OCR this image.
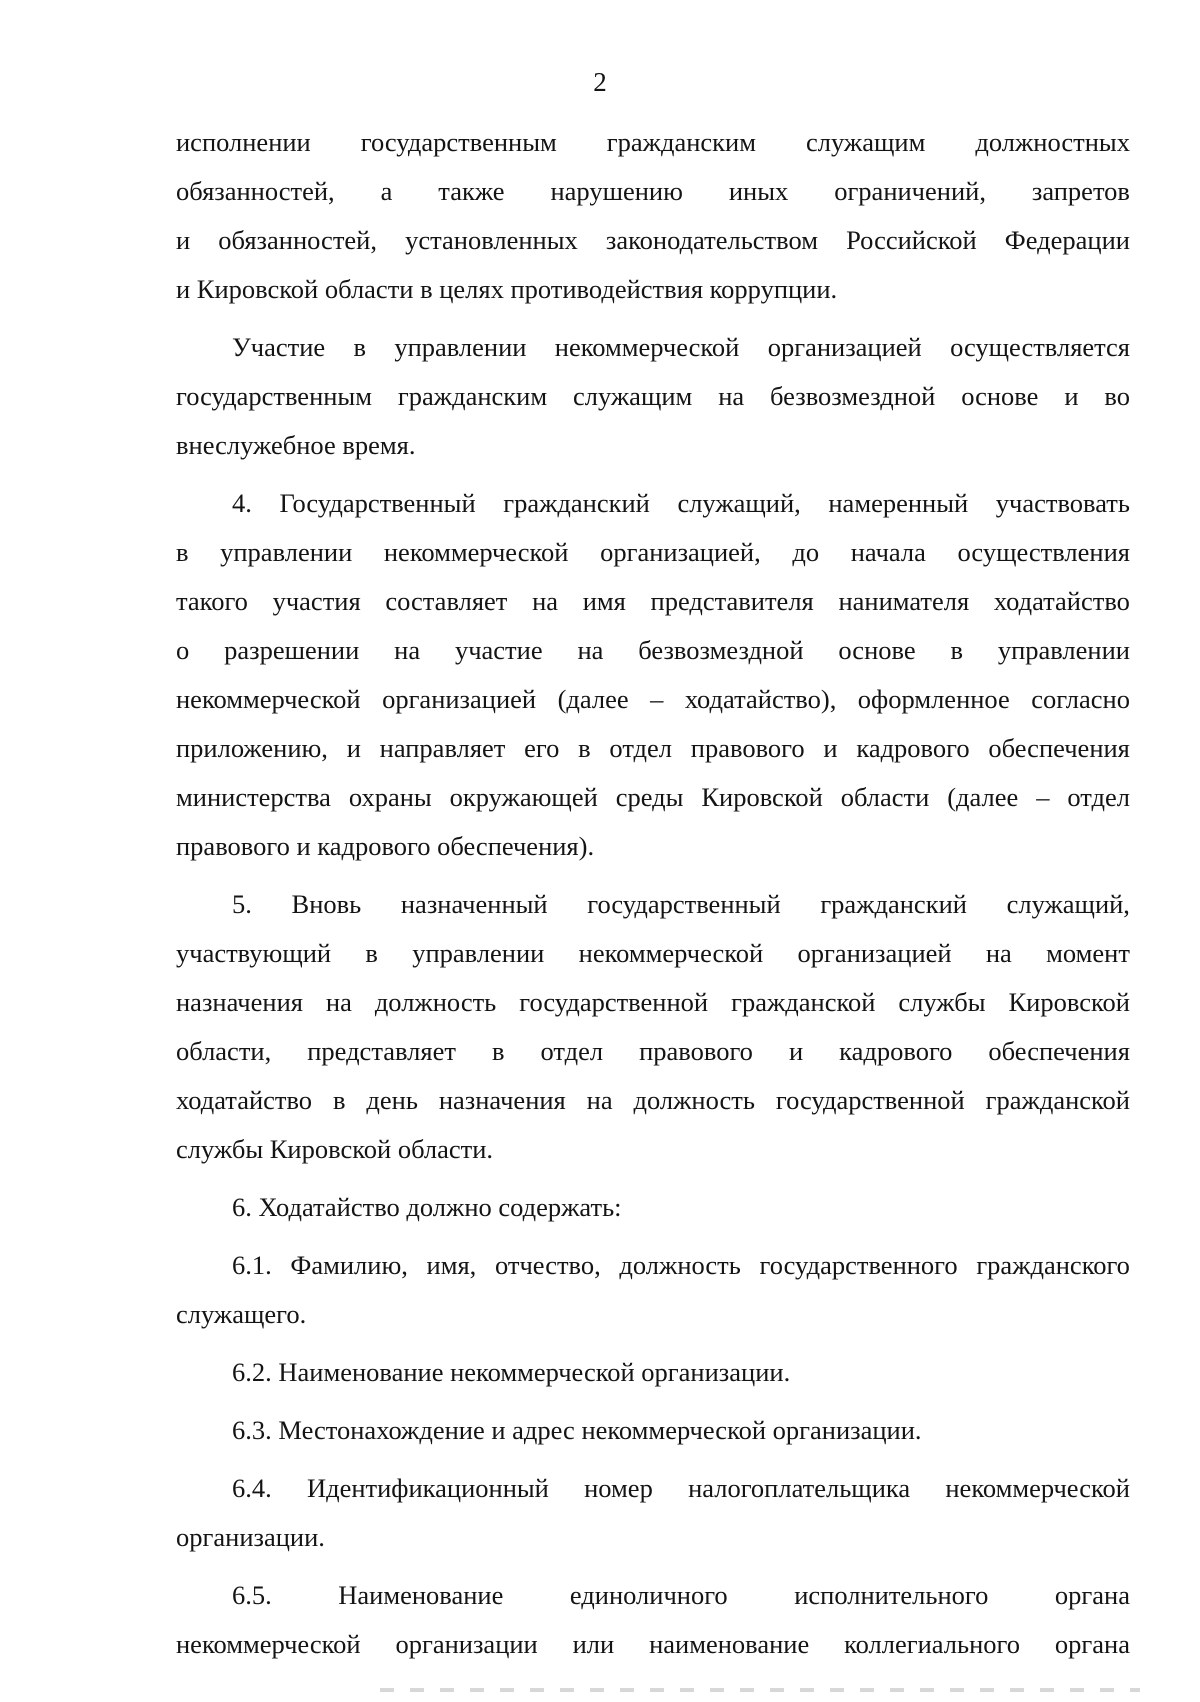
2
исполнении государственным гражданским служащим должностных
обязанностей, а также нарушению иных ограничений, запретов
и обязанностей, установленных законодательством Российской Федерации
и Кировской области в целях противодействия коррупции.
Участие в управлении некоммерческой организацией осуществляется
государственным гражданским служащим на безвозмездной основе и во
внеслужебное время.
4. Государственный гражданский служащий, намеренный участвовать
в управлении некоммерческой организацией, до начала осуществления
такого участия составляет на имя представителя нанимателя ходатайство
о разрешении на участие на безвозмездной основе в управлении
некоммерческой организацией (далее – ходатайство), оформленное согласно
приложению, и направляет его в отдел правового и кадрового обеспечения
министерства охраны окружающей среды Кировской области (далее – отдел
правового и кадрового обеспечения).
5. Вновь назначенный государственный гражданский служащий,
участвующий в управлении некоммерческой организацией на момент
назначения на должность государственной гражданской службы Кировской
области, представляет в отдел правового и кадрового обеспечения
ходатайство в день назначения на должность государственной гражданской
службы Кировской области.
6. Ходатайство должно содержать:
6.1. Фамилию, имя, отчество, должность государственного гражданского
служащего.
6.2. Наименование некоммерческой организации.
6.3. Местонахождение и адрес некоммерческой организации.
6.4. Идентификационный номер налогоплательщика некоммерческой
организации.
6.5.	Наименование	единоличного	исполнительного	органа
некоммерческой организации или наименование коллегиального органа
